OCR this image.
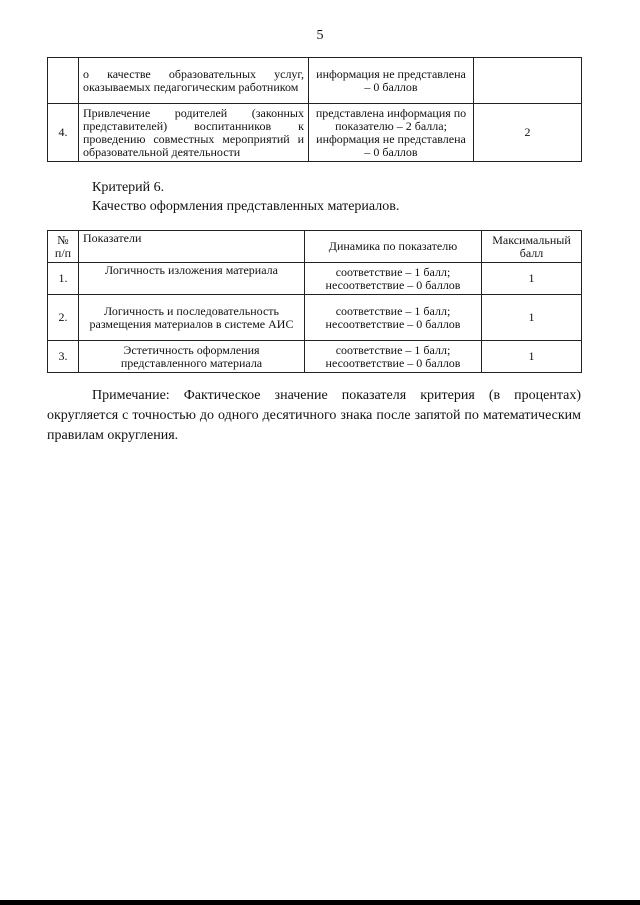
5
	о качестве образовательных услуг, оказываемых педагогическим работником	информация не представлена – 0 баллов	
4.	Привлечение родителей (законных представителей) воспитанников к проведению совместных мероприятий и образовательной деятельности	представлена информация по показателю – 2 балла; информация не представлена – 0 баллов	2
Критерий 6.
Качество оформления представленных материалов.
№ п/п	Показатели	Динамика по показателю	Максимальный балл
1.	Логичность изложения материала	соответствие – 1 балл; несоответствие – 0 баллов	1
2.	Логичность и последовательность размещения материалов в системе АИС	соответствие – 1 балл; несоответствие – 0 баллов	1
3.	Эстетичность оформления представленного материала	соответствие – 1 балл; несоответствие – 0 баллов	1
Примечание: Фактическое значение показателя критерия (в процентах) округляется с точностью до одного десятичного знака после запятой по математическим правилам округления.
